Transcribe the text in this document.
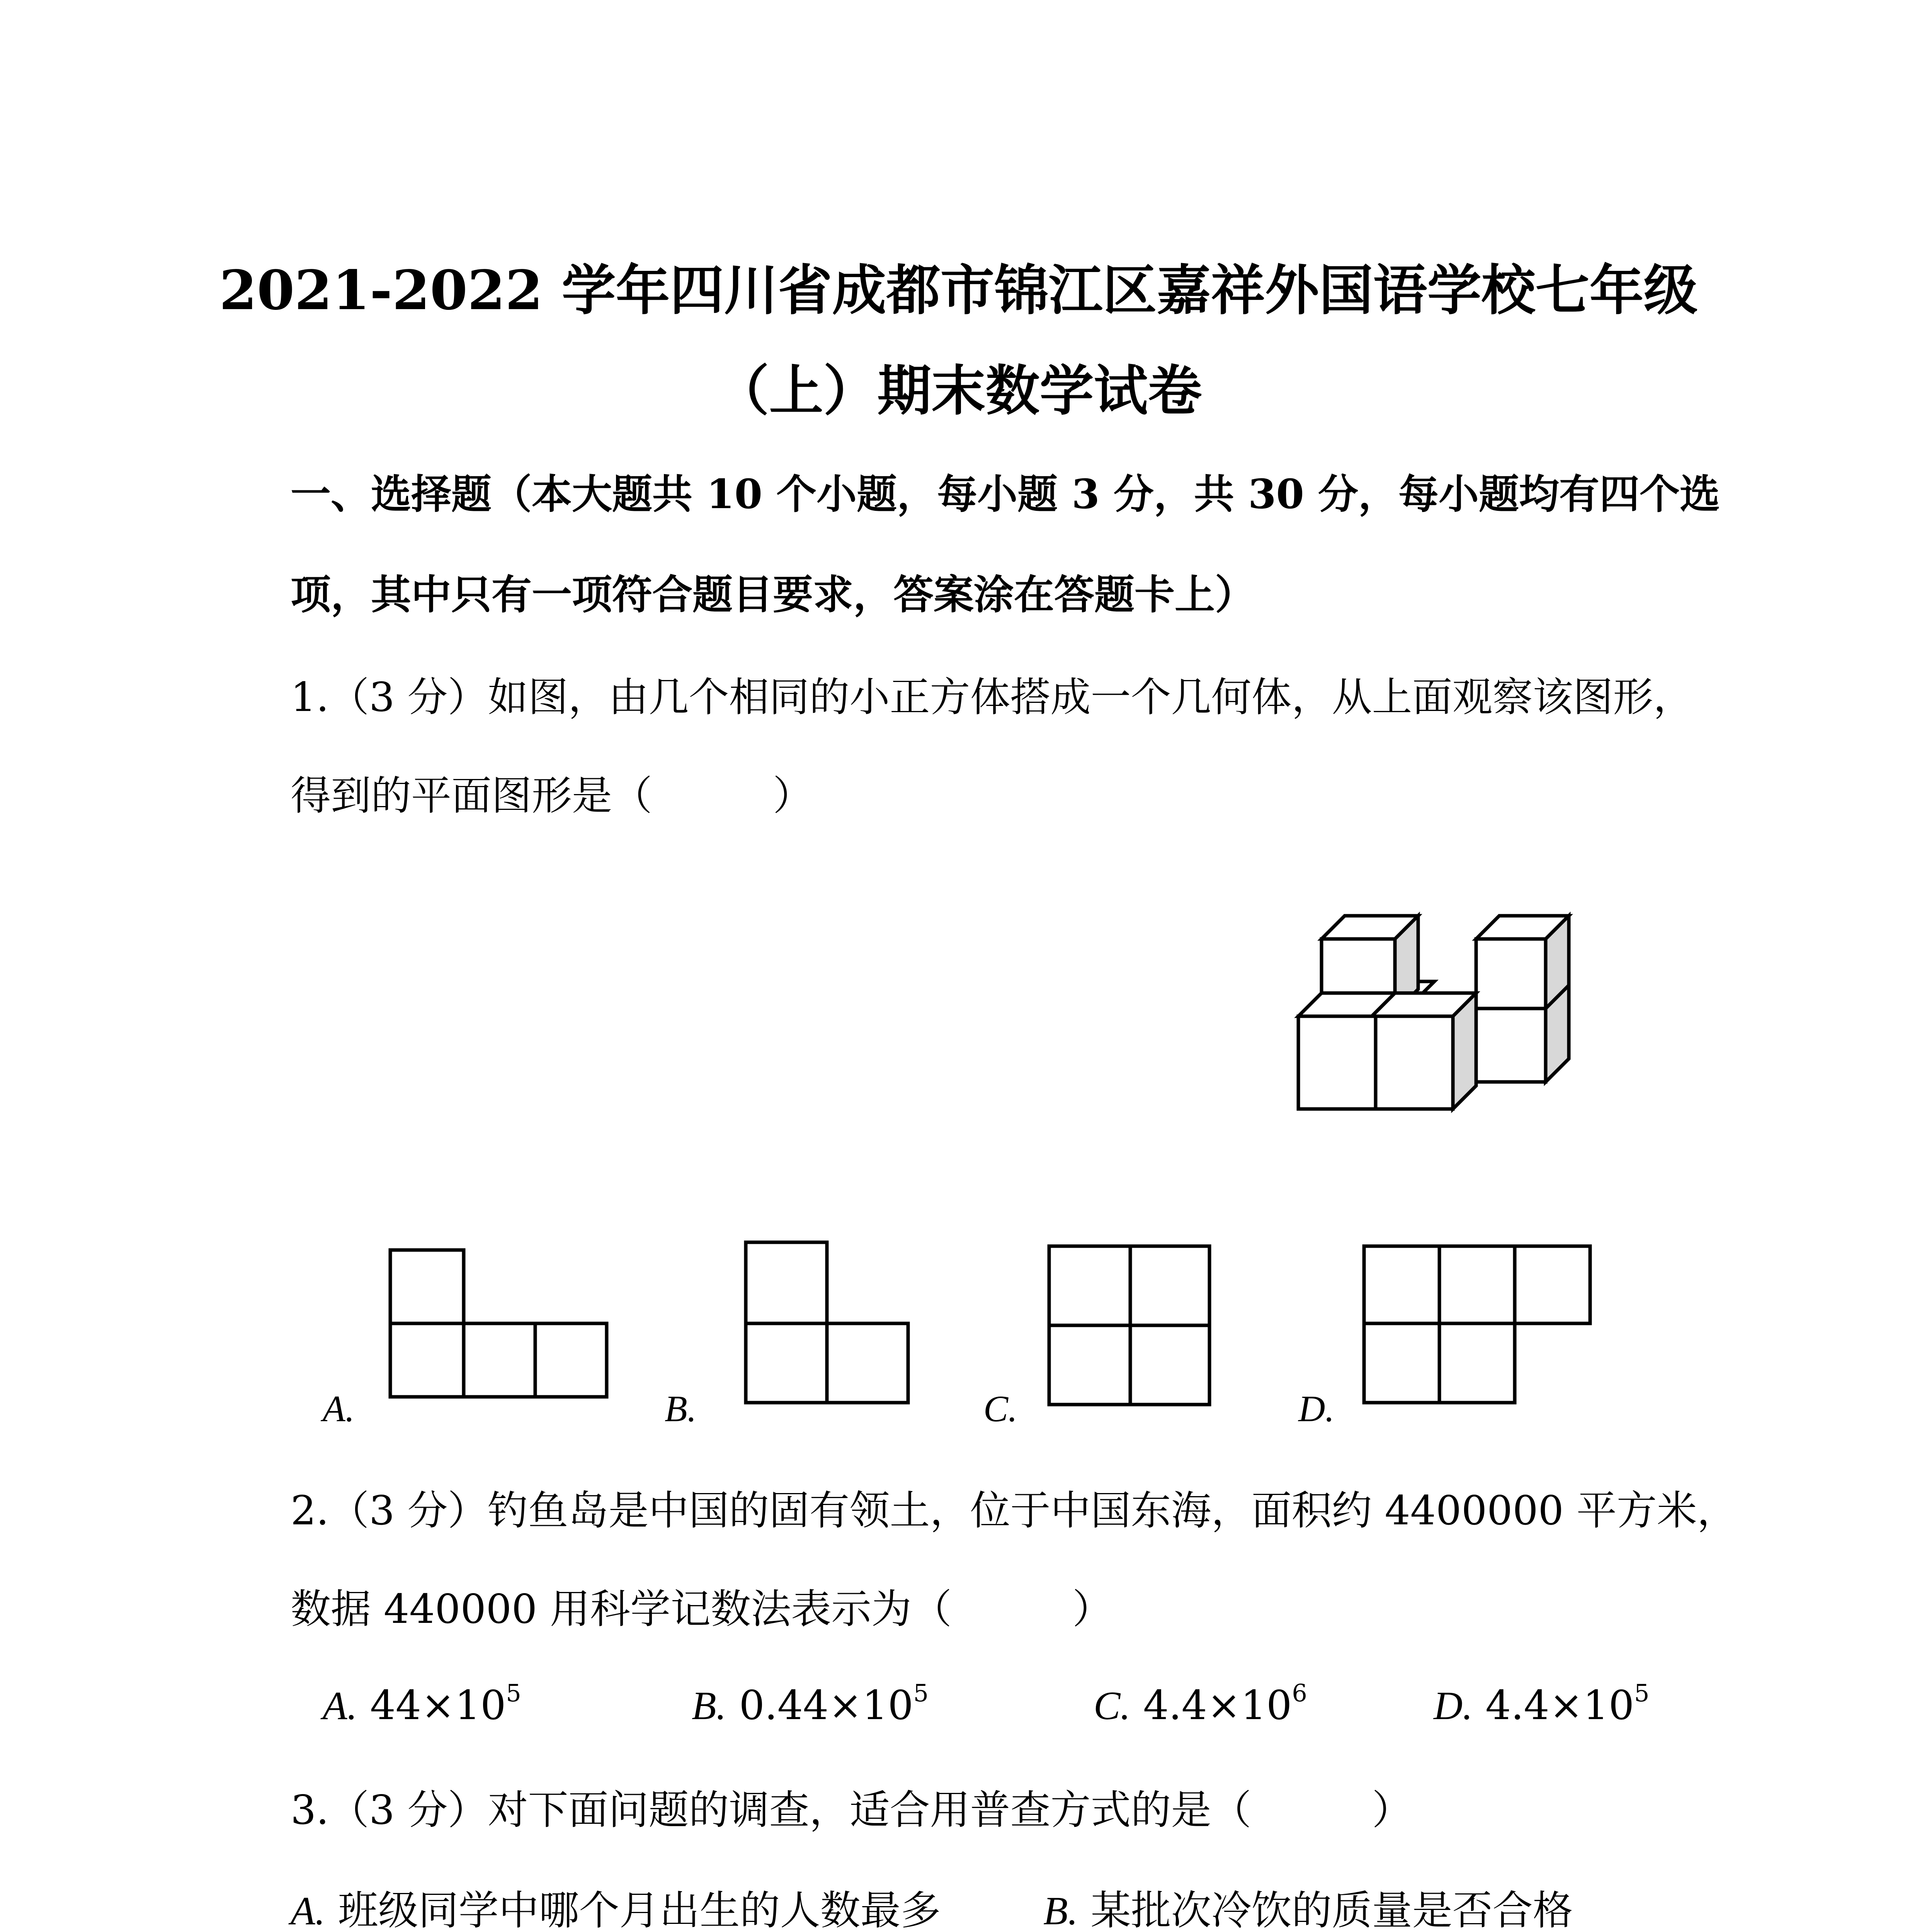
2021-2022 学年四川省成都市锦江区嘉祥外国语学校七年级
（上）期末数学试卷
一、选择题（本大题共 10 个小题，每小题 3 分，共 30 分，每小题均有四个选
项，其中只有一项符合题目要求，答案涂在答题卡上）
1.（3 分）如图，由几个相同的小正方体搭成一个几何体，从上面观察该图形，
得到的平面图形是（　　　）
A.	B.	C.	D.
2.（3 分）钓鱼岛是中国的固有领土，位于中国东海，面积约 4400000 平方米，
数据 440000 用科学记数法表示为（　　　）
A. $44\times 10^5$	B. $0.44\times 10^5$	C. $4.4\times 10^6$	D. $4.4\times 10^5$
3.（3 分）对下面问题的调查，适合用普查方式的是（　　　）
A. 班级同学中哪个月出生的人数最多	B. 某批次冷饮的质量是否合格
